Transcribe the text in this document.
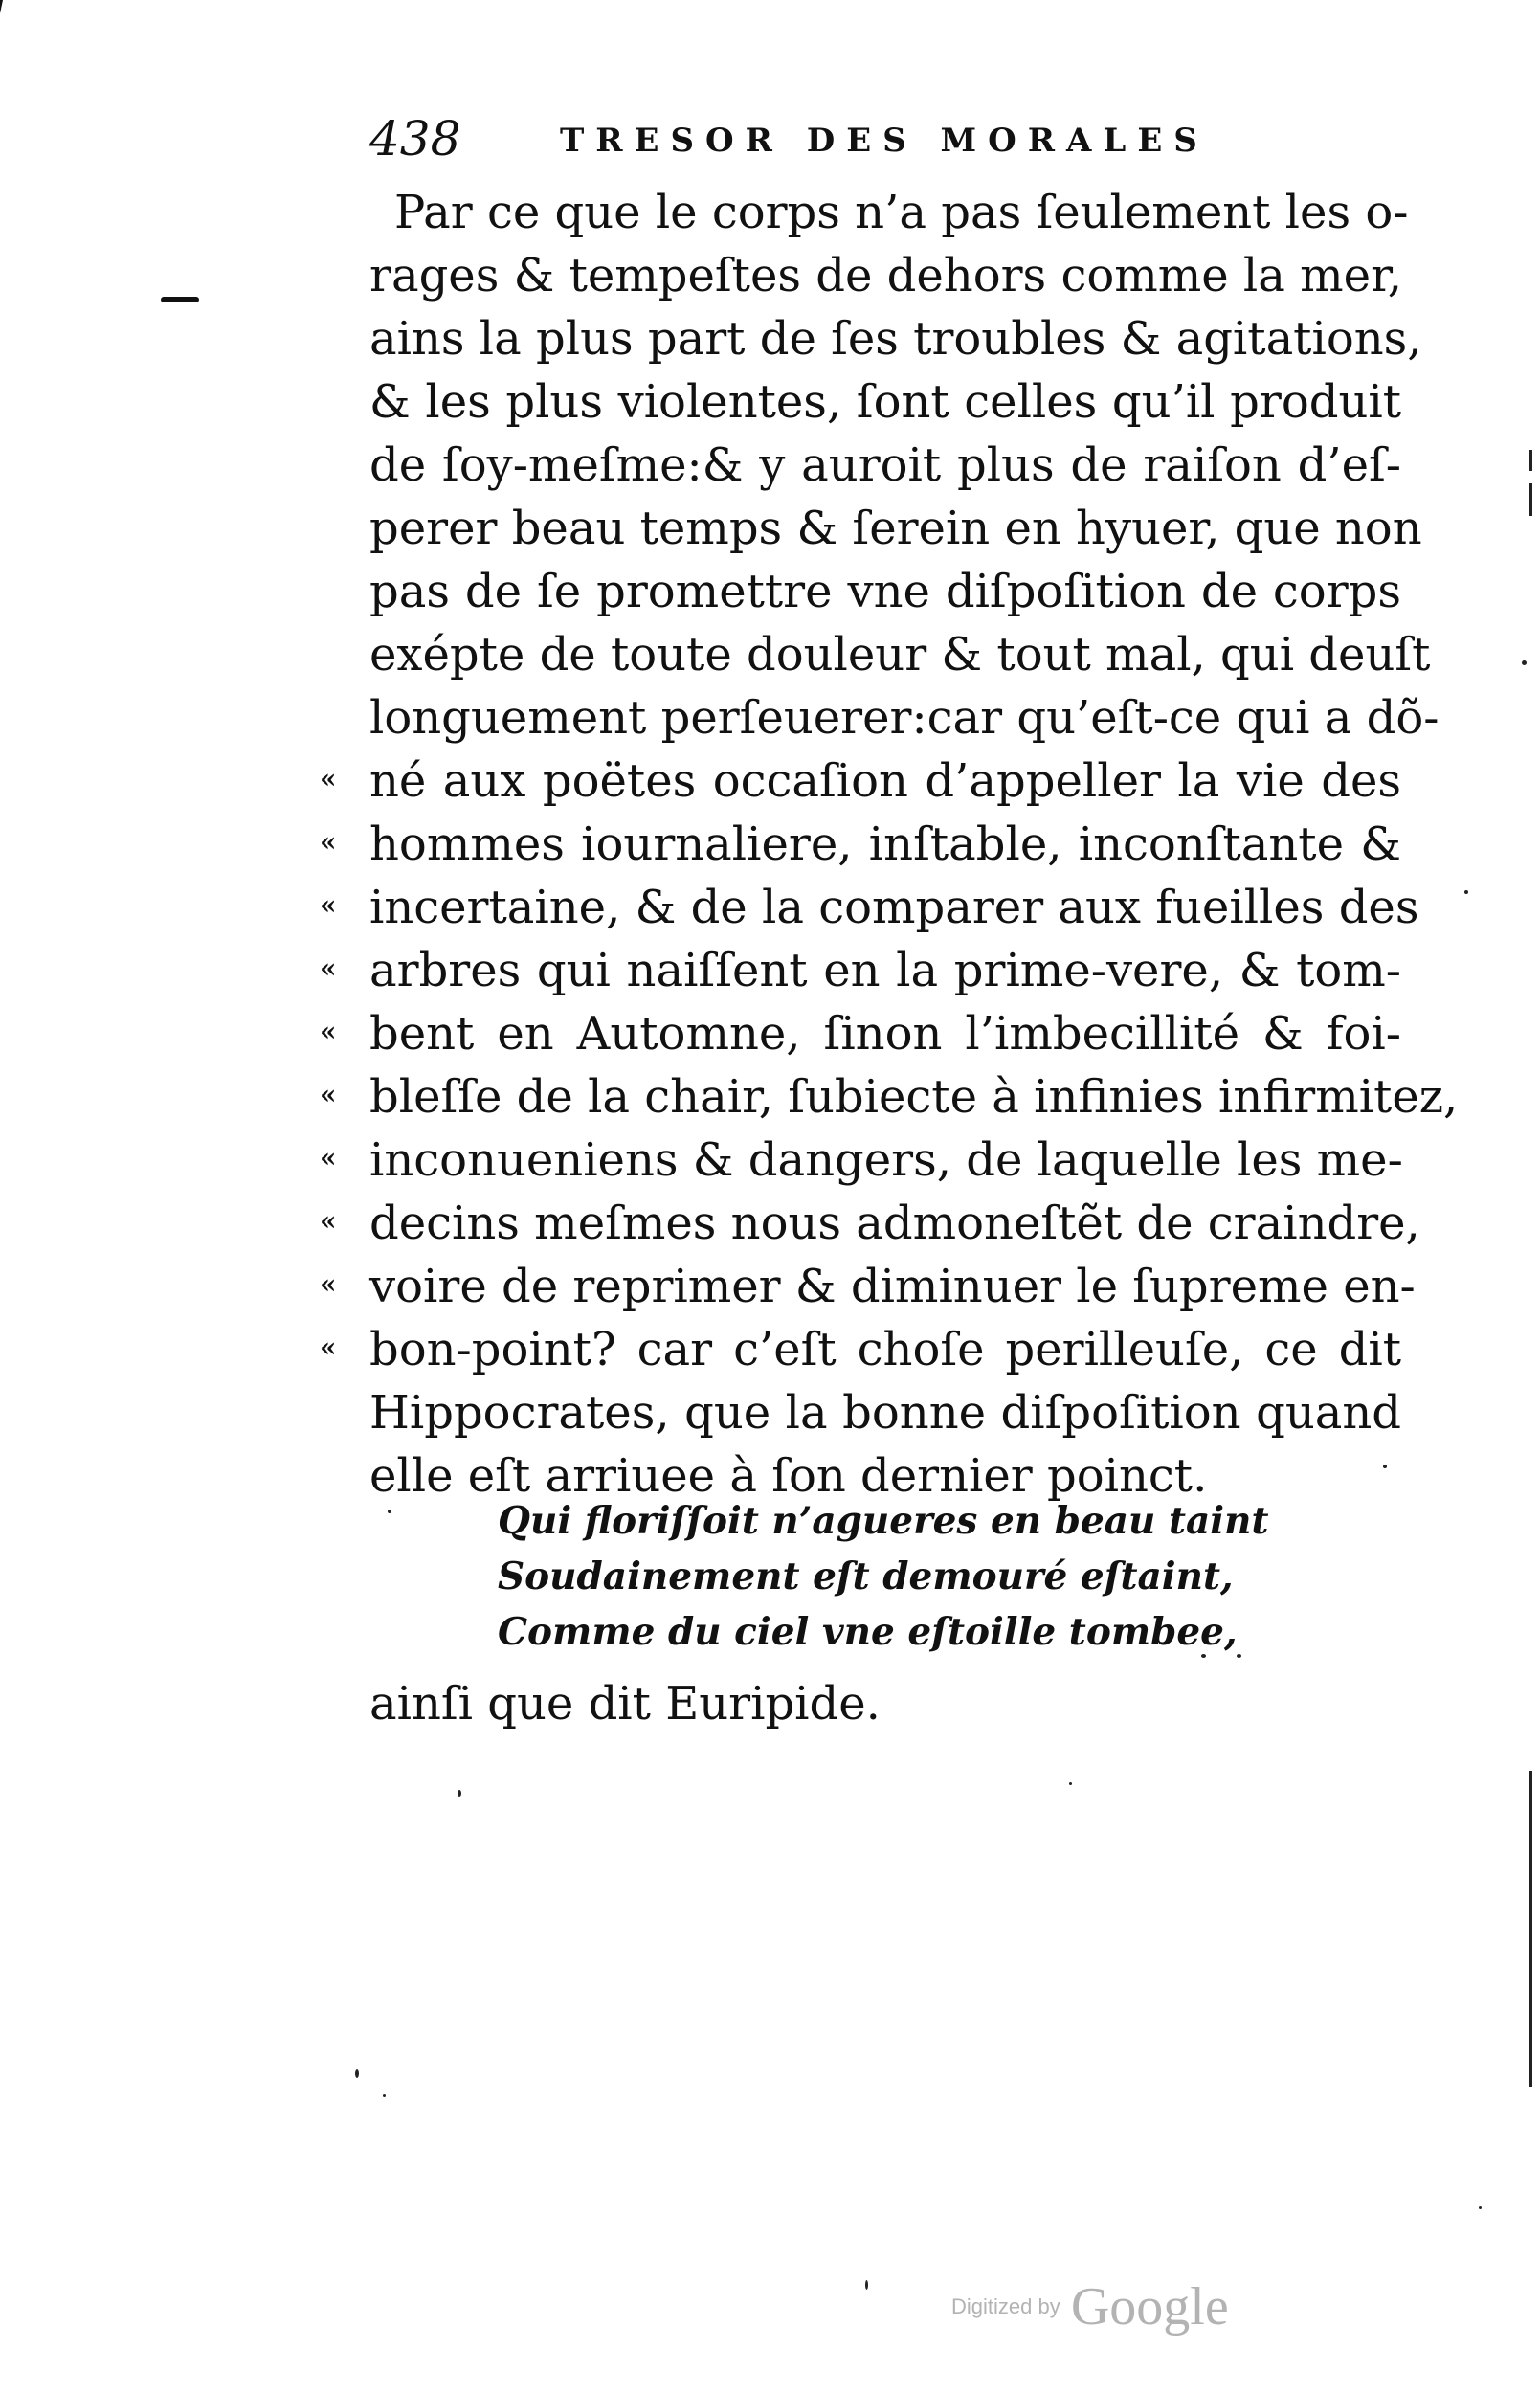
438	TRESOR DES MORALES

Par ce que le corps n’a pas ſeulement les o-

rages & tempeſtes de dehors comme la mer,

ains la plus part de ſes troubles & agitations,

& les plus violentes, ſont celles qu’il produit

de ſoy-meſme:& y auroit plus de raiſon d’eſ-

perer beau temps & ſerein en hyuer, que non

pas de ſe promettre vne diſpoſition de corps

exépte de toute douleur & tout mal, qui deuſt

longuement perſeuerer:car qu’eſt-ce qui a dõ-

né aux poëtes occaſion d’appeller la vie des

hommes iournaliere, inſtable, inconſtante &

incertaine, & de la comparer aux fueilles des

arbres qui naiſſent en la prime-vere, & tom-

bent en Automne, ſinon l’imbecillité & foi-

bleſſe de la chair, ſubiecte à infinies infirmitez,

inconueniens & dangers, de laquelle les me-

decins meſmes nous admoneſtẽt de craindre,

voire de reprimer & diminuer le ſupreme en-

bon-point? car c’eſt choſe perilleuſe, ce dit

Hippocrates, que la bonne diſpoſition quand

elle eſt arriuee à ſon dernier poinct.

«
«
«
«
«
«
«
«
«
«

Qui floriſſoit n’agueres en beau taint

Soudainement eſt demouré eſtaint,

Comme du ciel vne eſtoille tombee,

ainſi que dit Euripide.

Digitized by Google
